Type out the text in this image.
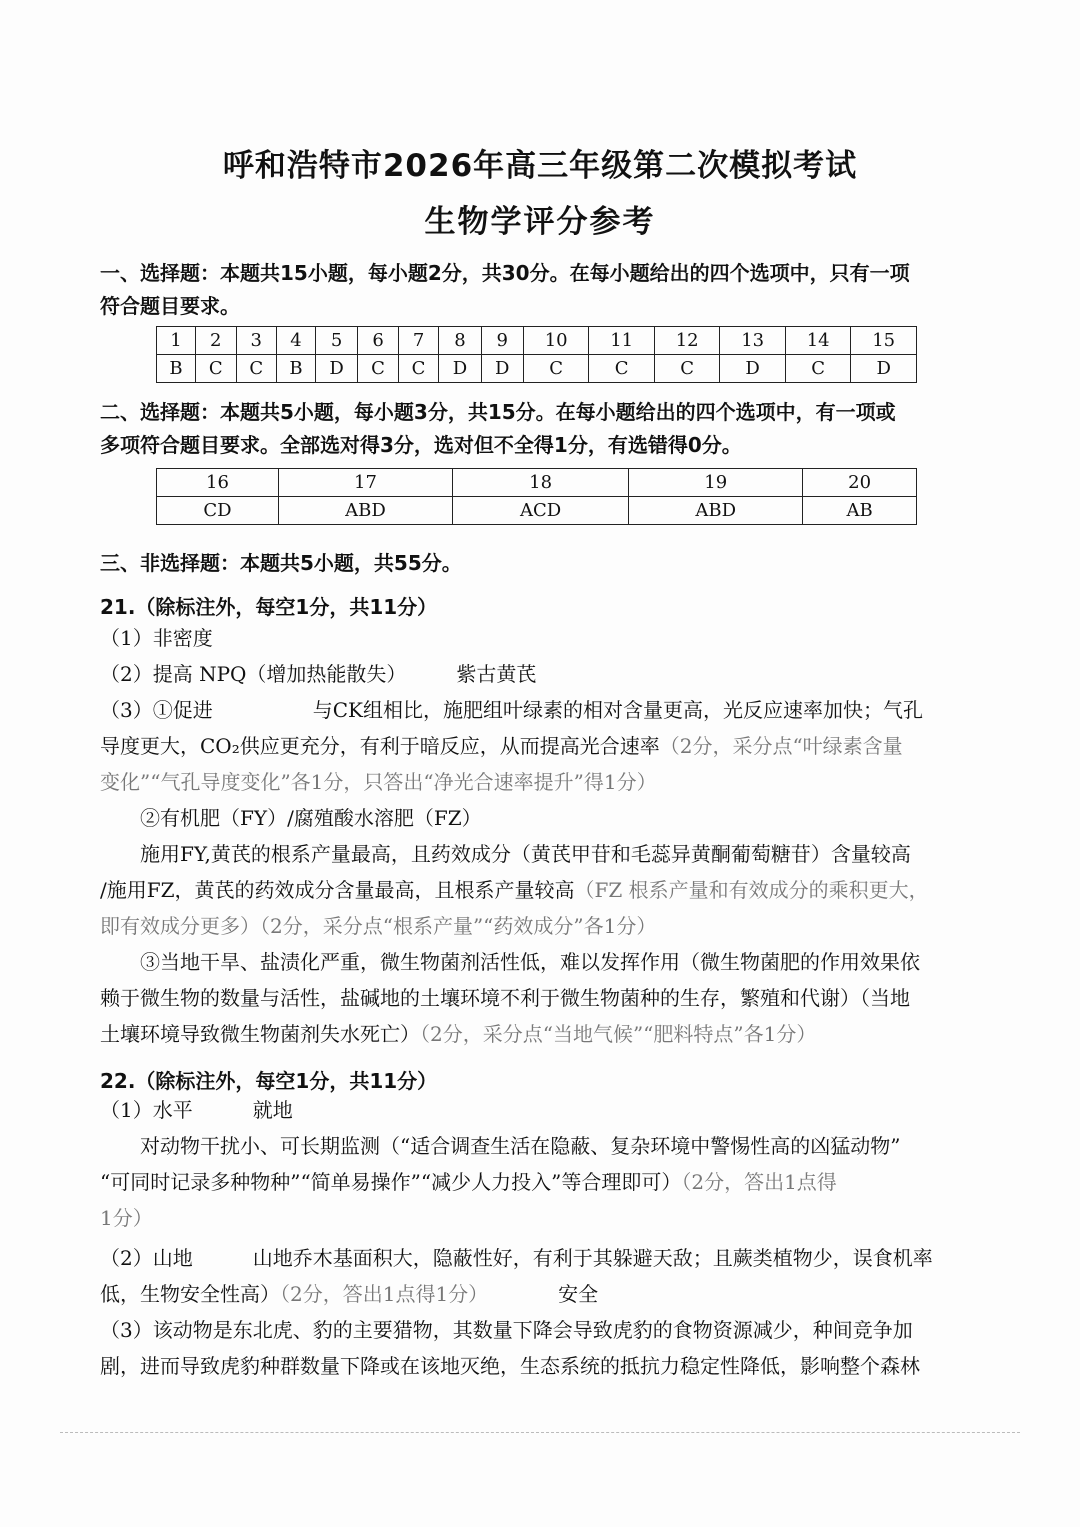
呼和浩特市2026年高三年级第二次模拟考试
生物学评分参考
一、选择题：本题共15小题，每小题2分，共30分。在每小题给出的四个选项中，只有一项
符合题目要求。
1	2	3	4	5	6	7	8	9	10	11	12	13	14	15
B	C	C	B	D	C	C	D	D	C	C	C	D	C	D
二、选择题：本题共5小题，每小题3分，共15分。在每小题给出的四个选项中，有一项或
多项符合题目要求。全部选对得3分，选对但不全得1分，有选错得0分。
16	17	18	19	20
CD	ABD	ACD	ABD	AB
三、非选择题：本题共5小题，共55分。
21.（除标注外，每空1分，共11分）
（1）非密度
（2）提高 NPQ（增加热能散失）　　　紫古黄芪
（3）①促进　　　　　与CK组相比，施肥组叶绿素的相对含量更高，光反应速率加快；气孔
导度更大，CO₂供应更充分，有利于暗反应，从而提高光合速率（2分，采分点“叶绿素含量
变化”“气孔导度变化”各1分，只答出“净光合速率提升”得1分）
②有机肥（FY）/腐殖酸水溶肥（FZ）
施用FY,黄芪的根系产量最高，且药效成分（黄芪甲苷和毛蕊异黄酮葡萄糖苷）含量较高
/施用FZ，黄芪的药效成分含量最高，且根系产量较高（FZ 根系产量和有效成分的乘积更大，
即有效成分更多）（2分，采分点“根系产量”“药效成分”各1分）
③当地干旱、盐渍化严重，微生物菌剂活性低，难以发挥作用（微生物菌肥的作用效果依
赖于微生物的数量与活性，盐碱地的土壤环境不利于微生物菌种的生存，繁殖和代谢）（当地
土壤环境导致微生物菌剂失水死亡）（2分，采分点“当地气候”“肥料特点”各1分）
22.（除标注外，每空1分，共11分）
（1）水平　　　就地
对动物干扰小、可长期监测（“适合调查生活在隐蔽、复杂环境中警惕性高的凶猛动物”
“可同时记录多种物种”“简单易操作”“减少人力投入”等合理即可）（2分，答出1点得
1分）
（2）山地　　　山地乔木基面积大，隐蔽性好，有利于其躲避天敌；且蕨类植物少，误食机率
低，生物安全性高）（2分，答出1点得1分）　　　　安全
（3）该动物是东北虎、豹的主要猎物，其数量下降会导致虎豹的食物资源减少，种间竞争加
剧，进而导致虎豹种群数量下降或在该地灭绝，生态系统的抵抗力稳定性降低，影响整个森林
